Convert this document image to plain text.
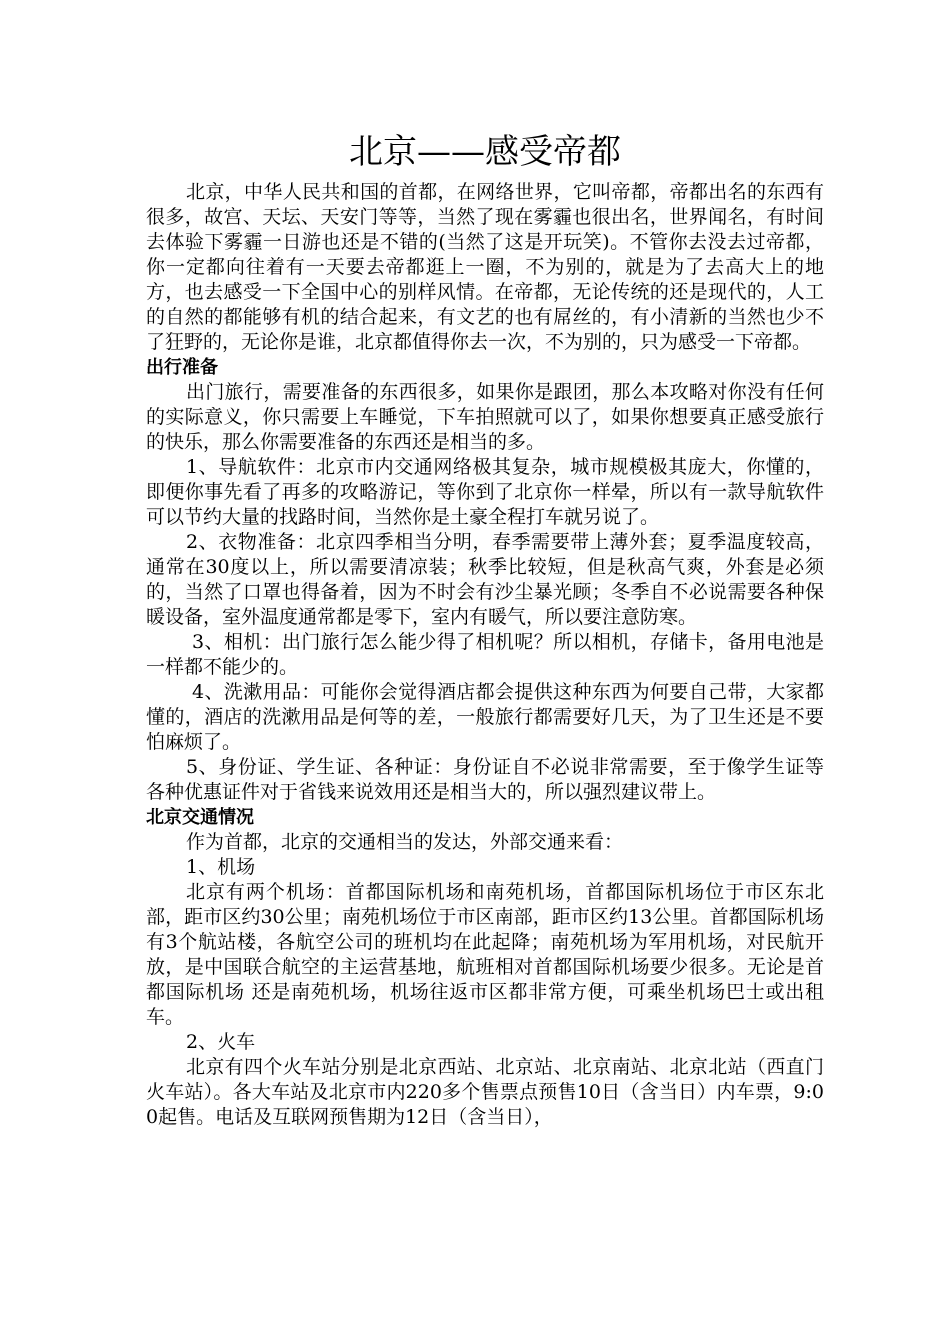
北京——感受帝都

北京，中华人民共和国的首都，在网络世界，它叫帝都，帝都出名的东西有很多，故宫、天坛、天安门等等，当然了现在雾霾也很出名，世界闻名，有时间去体验下雾霾一日游也还是不错的(当然了这是开玩笑)。不管你去没去过帝都，你一定都向往着有一天要去帝都逛上一圈，不为别的，就是为了去高大上的地方，也去感受一下全国中心的别样风情。在帝都，无论传统的还是现代的，人工的自然的都能够有机的结合起来，有文艺的也有屌丝的，有小清新的当然也少不了狂野的，无论你是谁，北京都值得你去一次，不为别的，只为感受一下帝都。

出行准备

出门旅行，需要准备的东西很多，如果你是跟团，那么本攻略对你没有任何的实际意义，你只需要上车睡觉，下车拍照就可以了，如果你想要真正感受旅行的快乐，那么你需要准备的东西还是相当的多。

1、导航软件：北京市内交通网络极其复杂，城市规模极其庞大，你懂的，即便你事先看了再多的攻略游记，等你到了北京你一样晕，所以有一款导航软件可以节约大量的找路时间，当然你是土豪全程打车就另说了。

2、衣物准备：北京四季相当分明，春季需要带上薄外套；夏季温度较高，通常在30度以上，所以需要清凉装；秋季比较短，但是秋高气爽，外套是必须的，当然了口罩也得备着，因为不时会有沙尘暴光顾；冬季自不必说需要各种保暖设备，室外温度通常都是零下，室内有暖气，所以要注意防寒。

3、相机：出门旅行怎么能少得了相机呢？所以相机，存储卡，备用电池是一样都不能少的。

4、洗漱用品：可能你会觉得酒店都会提供这种东西为何要自己带，大家都懂的，酒店的洗漱用品是何等的差，一般旅行都需要好几天，为了卫生还是不要怕麻烦了。

5、身份证、学生证、各种证：身份证自不必说非常需要，至于像学生证等各种优惠证件对于省钱来说效用还是相当大的，所以强烈建议带上。

北京交通情况

作为首都，北京的交通相当的发达，外部交通来看：

1、机场

北京有两个机场：首都国际机场和南苑机场，首都国际机场位于市区东北部，距市区约30公里；南苑机场位于市区南部，距市区约13公里。首都国际机场有3个航站楼，各航空公司的班机均在此起降；南苑机场为军用机场，对民航开放，是中国联合航空的主运营基地，航班相对首都国际机场要少很多。无论是首都国际机场 还是南苑机场，机场往返市区都非常方便，可乘坐机场巴士或出租车。

2、火车

北京有四个火车站分别是北京西站、北京站、北京南站、北京北站（西直门火车站）。各大车站及北京市内220多个售票点预售10日（含当日）内车票，9:00起售。电话及互联网预售期为12日（含当日），
